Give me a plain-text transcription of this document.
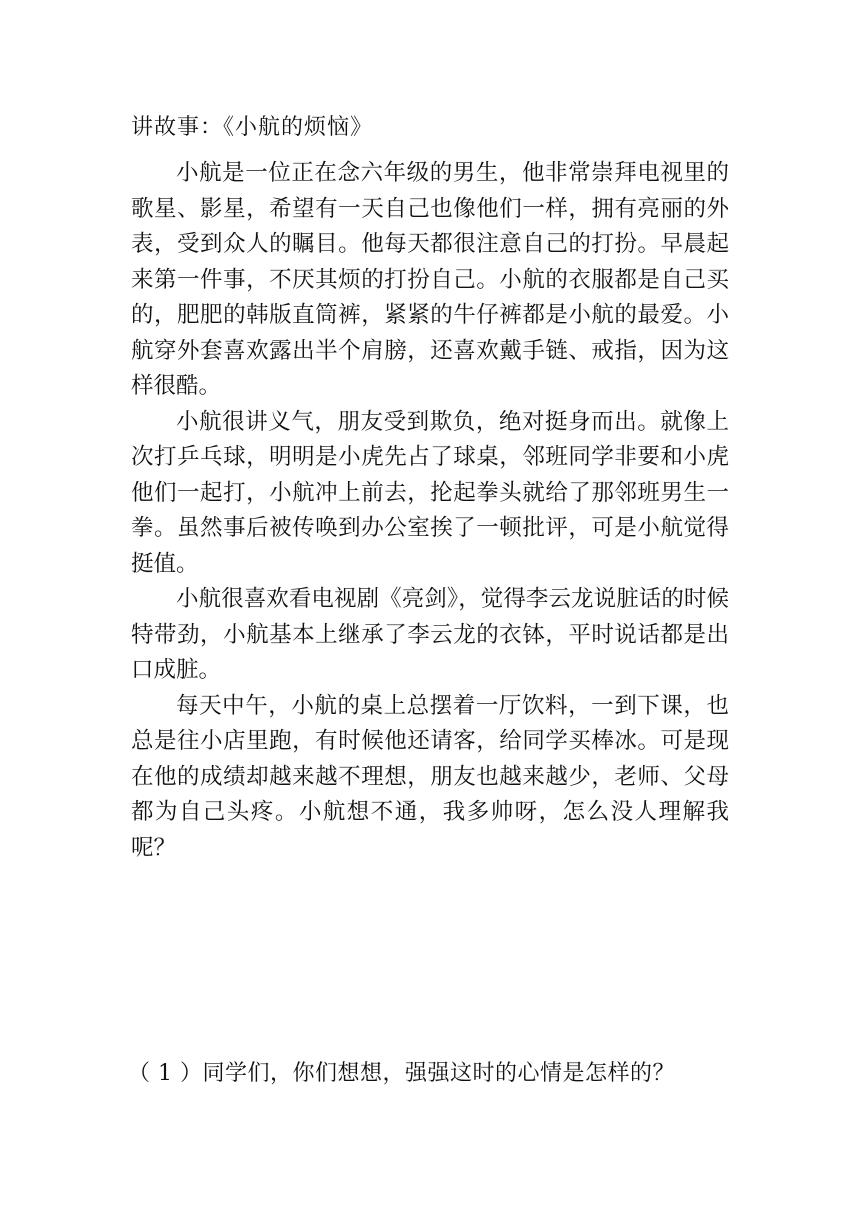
讲故事：《小航的烦恼》

小航是一位正在念六年级的男生，他非常崇拜电视里的歌星、影星，希望有一天自己也像他们一样，拥有亮丽的外表，受到众人的瞩目。他每天都很注意自己的打扮。早晨起来第一件事，不厌其烦的打扮自己。小航的衣服都是自己买的，肥肥的韩版直筒裤，紧紧的牛仔裤都是小航的最爱。小航穿外套喜欢露出半个肩膀，还喜欢戴手链、戒指，因为这样很酷。

小航很讲义气，朋友受到欺负，绝对挺身而出。就像上次打乒乓球，明明是小虎先占了球桌，邻班同学非要和小虎他们一起打，小航冲上前去，抡起拳头就给了那邻班男生一拳。虽然事后被传唤到办公室挨了一顿批评，可是小航觉得挺值。

小航很喜欢看电视剧《亮剑》，觉得李云龙说脏话的时候特带劲，小航基本上继承了李云龙的衣钵，平时说话都是出口成脏。

每天中午，小航的桌上总摆着一厅饮料，一到下课，也总是往小店里跑，有时候他还请客，给同学买棒冰。可是现在他的成绩却越来越不理想，朋友也越来越少，老师、父母都为自己头疼。小航想不通，我多帅呀，怎么没人理解我呢？

（ 1 ）同学们，你们想想，强强这时的心情是怎样的？
